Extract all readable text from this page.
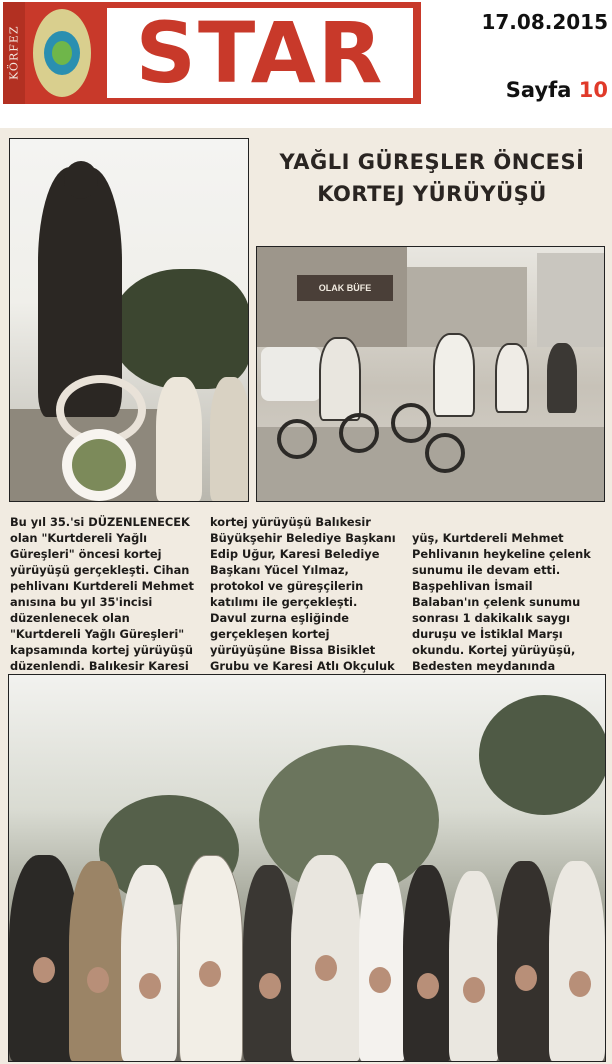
KÖRFEZ	STAR	17.08.2015
Sayfa 10
YAĞLI GÜREŞLER ÖNCESİ
KORTEJ YÜRÜYÜŞÜ
OLAK BÜFE

Bu yıl 35.'si DÜZENLENECEK olan "Kurtdereli Yağlı Güreşleri" öncesi kortej yürüyüşü gerçekleşti. Cihan pehlivanı Kurtdereli Mehmet anısına bu yıl 35'incisi düzenlenecek olan "Kurtdereli Yağlı Güreşleri" kapsamında kortej yürüyüşü düzenlendi. Balıkesir Karesi

kortej yürüyüşü Balıkesir Büyükşehir Belediye Başkanı Edip Uğur, Karesi Belediye Başkanı Yücel Yılmaz, protokol ve güreşçilerin katılımı ile gerçekleşti. Davul zurna eşliğinde gerçekleşen kortej yürüyüşüne Bissa Bisiklet Grubu ve Karesi Atlı Okçuluk

yüş, Kurtdereli Mehmet Pehlivanın heykeline çelenk sunumu ile devam etti. Başpehlivan İsmail Balaban'ın çelenk sunumu sonrası 1 dakikalık saygı duruşu ve İstiklal Marşı okundu. Kortej yürüyüşü, Bedesten meydanında
